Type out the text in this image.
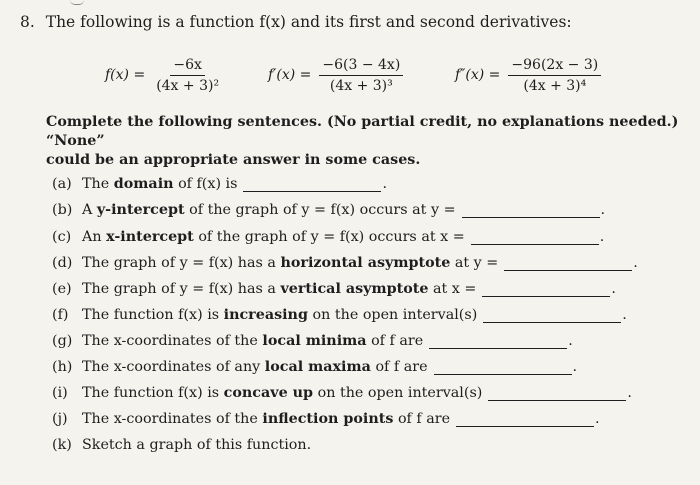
8. The following is a function f(x) and its first and second derivatives:
$f(x) = \frac{-6x}{\text{(4x + 3)²}}$	$f'(x) = \frac{-6(3 - 4x)}{\text{(4x + 3)³}}$	$f''(x) = \frac{-96(2x - 3)}{\text{(4x + 3)⁴}}$
Complete the following sentences. (No partial credit, no explanations needed.) “None”
could be an appropriate answer in some cases.
(a) The
domain
of f(x) is	.
(b) A
y-intercept
of the graph of y = f(x) occurs at y =	.
(c) An
x-intercept
of the graph of y = f(x) occurs at x =	.
(d) The graph of y = f(x) has a
horizontal asymptote
at y =	.
(e) The graph of y = f(x) has a
vertical asymptote
at x =	.
(f) The function f(x) is
increasing
on the open interval(s)	.
(g) The x-coordinates of the
local minima
of f are	.
(h) The x-coordinates of any
local maxima
of f are	.
(i) The function f(x) is
concave up
on the open interval(s)	.
(j)	The x-coordinates of the
inflection points
of f are	.
(k) Sketch a graph of this function.
